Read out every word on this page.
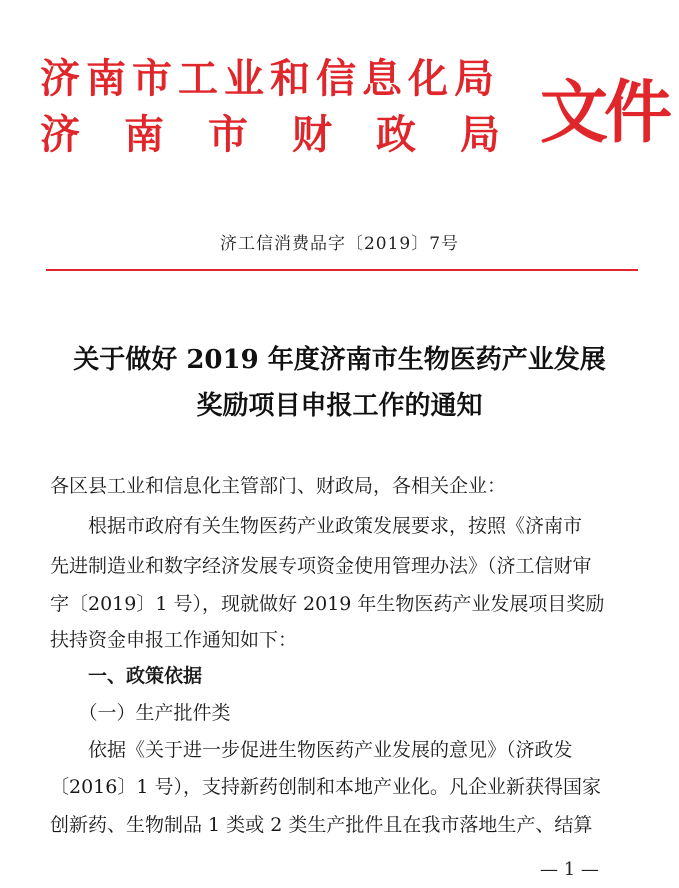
济南市工业和信息化局
济南市财政局
文件
济工信消费品字〔2019〕7号
关于做好 2019 年度济南市生物医药产业发展
奖励项目申报工作的通知
各区县工业和信息化主管部门、财政局，各相关企业：
　　根据市政府有关生物医药产业政策发展要求，按照《济南市
先进制造业和数字经济发展专项资金使用管理办法》（济工信财审
字〔2019〕1 号），现就做好 2019 年生物医药产业发展项目奖励
扶持资金申报工作通知如下：
　　一、政策依据
　　（一）生产批件类
　　依据《关于进一步促进生物医药产业发展的意见》（济政发
〔2016〕1 号），支持新药创制和本地产业化。凡企业新获得国家
创新药、生物制品 1 类或 2 类生产批件且在我市落地生产、结算
— 1 —
